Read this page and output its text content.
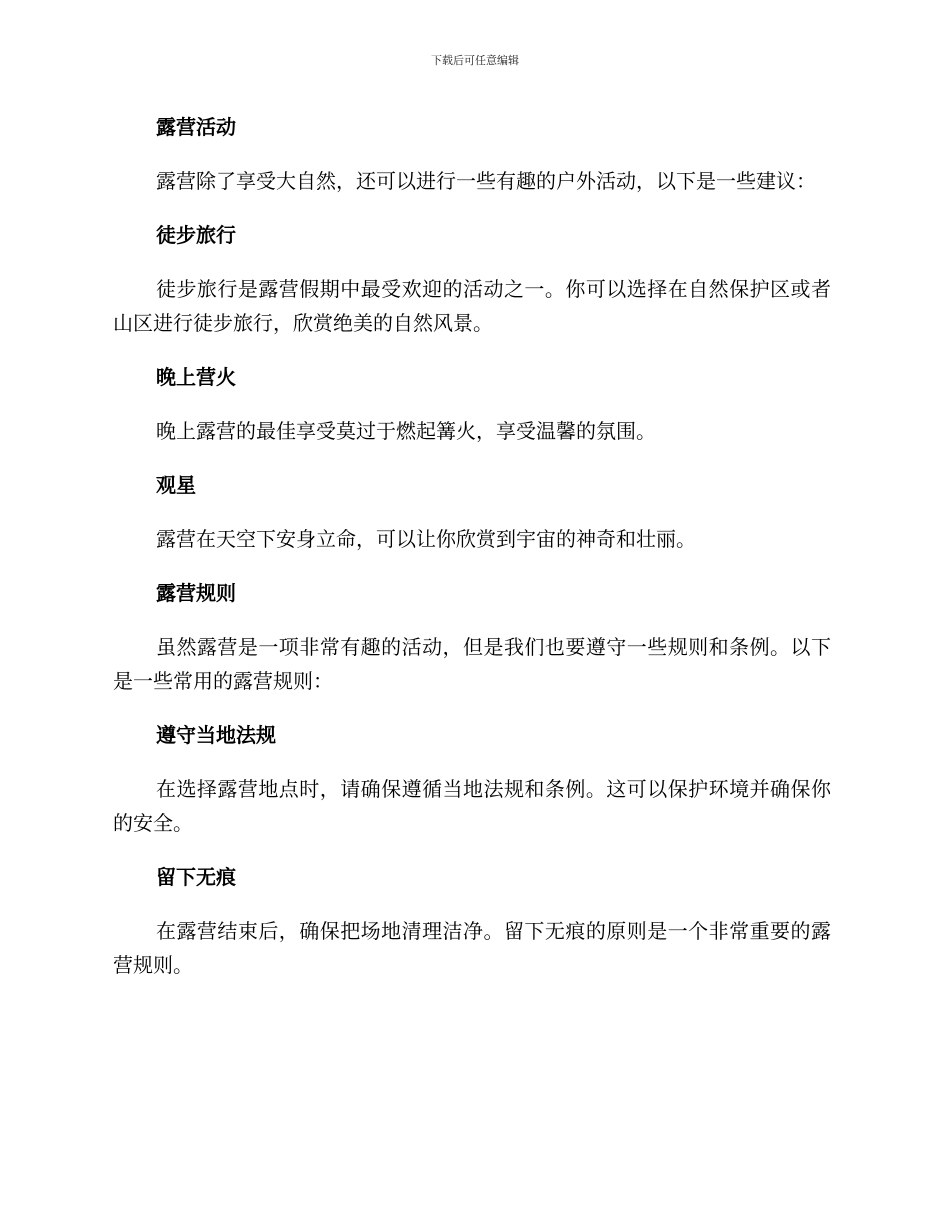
下载后可任意编辑
露营活动

露营除了享受大自然，还可以进行一些有趣的户外活动，以下是一些建议：

徒步旅行

徒步旅行是露营假期中最受欢迎的活动之一。你可以选择在自然保护区或者山区进行徒步旅行，欣赏绝美的自然风景。

晚上营火

晚上露营的最佳享受莫过于燃起篝火，享受温馨的氛围。

观星

露营在天空下安身立命，可以让你欣赏到宇宙的神奇和壮丽。

露营规则

虽然露营是一项非常有趣的活动，但是我们也要遵守一些规则和条例。以下是一些常用的露营规则：

遵守当地法规

在选择露营地点时，请确保遵循当地法规和条例。这可以保护环境并确保你的安全。

留下无痕

在露营结束后，确保把场地清理洁净。留下无痕的原则是一个非常重要的露营规则。
